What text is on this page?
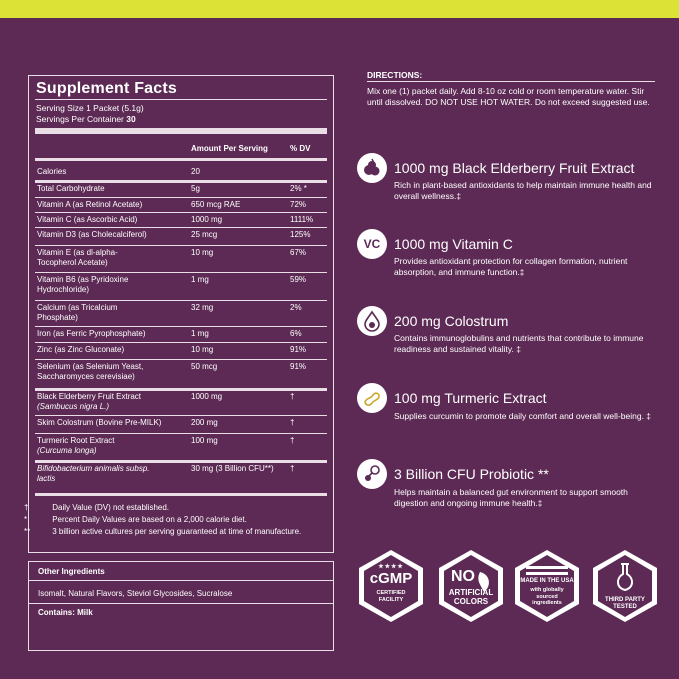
Supplement Facts
Serving Size 1 Packet (5.1g)
Servings Per Container 30
Amount Per Serving	% DV
Calories	20
Total Carbohydrate	5g	2% *
Vitamin A (as Retinol Acetate)	650 mcg RAE	72%
Vitamin C (as Ascorbic Acid)	1000 mg	1111%
Vitamin D3 (as Cholecalciferol)	25 mcg	125%
Vitamin E (as dl-alpha-
Tocopherol Acetate)
10 mg	67%
Vitamin B6 (as Pyridoxine
Hydrochloride)
1 mg	59%
Calcium (as Tricalcium
Phosphate)
32 mg	2%
Iron (as Ferric Pyrophosphate)	1 mg	6%
Zinc (as Zinc Gluconate)	10 mg	91%
Selenium (as Selenium Yeast,
Saccharomyces cerevisiae)
50 mcg	91%
Black Elderberry Fruit Extract
(Sambucus nigra L.)
1000 mg	†
Skim Colostrum (Bovine Pre-MILK)	200 mg	†
Turmeric Root Extract
(Curcuma longa)
100 mg	†
Bifidobacterium animalis subsp.
lactis
30 mg (3 Billion CFU**) †
†	Daily Value (DV) not established.
*	Percent Daily Values are based on a 2,000 calorie diet.
** 3 billion active cultures per serving guaranteed at time of manufacture.
Other Ingredients
Isomalt, Natural Flavors, Steviol Glycosides, Sucralose
Contains: Milk
DIRECTIONS:
Mix one (1) packet daily. Add 8-10 oz cold or room temperature water. Stir until dissolved. DO NOT USE HOT WATER. Do not exceed suggested use.
1000 mg Black Elderberry Fruit Extract
Rich in plant-based antioxidants to help maintain immune health and overall wellness.‡
VC 1000 mg Vitamin C
Provides antioxidant protection for collagen formation, nutrient absorption, and immune function.‡
200 mg Colostrum
Contains immunoglobulins and nutrients that contribute to immune readiness and sustained vitality. ‡
100 mg Turmeric Extract
Supplies curcumin to promote daily comfort and overall well-being. ‡
3 Billion CFU Probiotic **
Helps maintain a balanced gut environment to support smooth digestion and ongoing immune health.‡
★★★★
cGMP
CERTIFIED
FACILITY
NO
ARTIFICIAL
COLORS
MADE IN THE USA
with globally
sourced
ingredients	THIRD PARTY
TESTED
